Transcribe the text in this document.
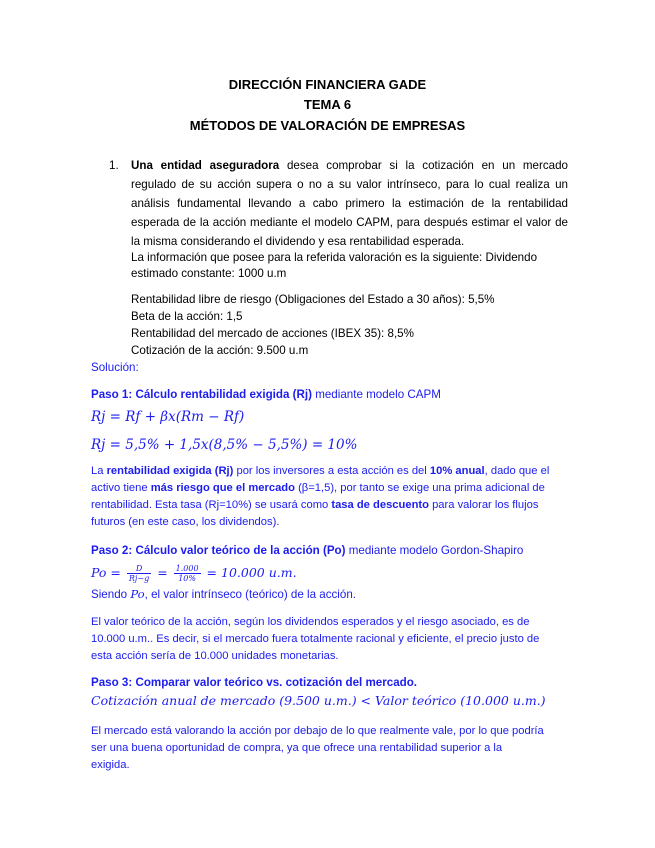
DIRECCIÓN FINANCIERA GADE
TEMA 6
MÉTODOS DE VALORACIÓN DE EMPRESAS
1. Una entidad aseguradora desea comprobar si la cotización en un mercado
regulado de su acción supera o no a su valor intrínseco, para lo cual realiza un
análisis fundamental llevando a cabo primero la estimación de la rentabilidad
esperada de la acción mediante el modelo CAPM, para después estimar el valor de
la misma considerando el dividendo y esa rentabilidad esperada.
La información que posee para la referida valoración es la siguiente: Dividendo
estimado constante: 1000 u.m
Rentabilidad libre de riesgo (Obligaciones del Estado a 30 años): 5,5%
Beta de la acción: 1,5
Rentabilidad del mercado de acciones (IBEX 35): 8,5%
Cotización de la acción: 9.500 u.m
Solución:
Paso 1: Cálculo rentabilidad exigida (Rj) mediante modelo CAPM
Rj = Rf + βx(Rm − Rf)
Rj = 5,5% + 1,5x(8,5% − 5,5%) = 10%
La rentabilidad exigida (Rj) por los inversores a esta acción es del 10% anual, dado que el
activo tiene más riesgo que el mercado (β=1,5), por tanto se exige una prima adicional de
rentabilidad. Esta tasa (Rj=10%) se usará como tasa de descuento para valorar los flujos
futuros (en este caso, los dividendos).
Paso 2: Cálculo valor teórico de la acción (Po) mediante modelo Gordon-Shapiro
$Po = \frac{D}{Rj-g} = \frac{1.000}{10\%} = 10.000$ u.m.
Siendo Po, el valor intrínseco (teórico) de la acción.
El valor teórico de la acción, según los dividendos esperados y el riesgo asociado, es de
10.000 u.m.. Es decir, si el mercado fuera totalmente racional y eficiente, el precio justo de
esta acción sería de 10.000 unidades monetarias.
Paso 3: Comparar valor teórico vs. cotización del mercado.
Cotización anual de mercado (9.500 u.m.) < Valor teórico (10.000 u.m.)
El mercado está valorando la acción por debajo de lo que realmente vale, por lo que podría
ser una buena oportunidad de compra, ya que ofrece una rentabilidad superior a la
exigida.
